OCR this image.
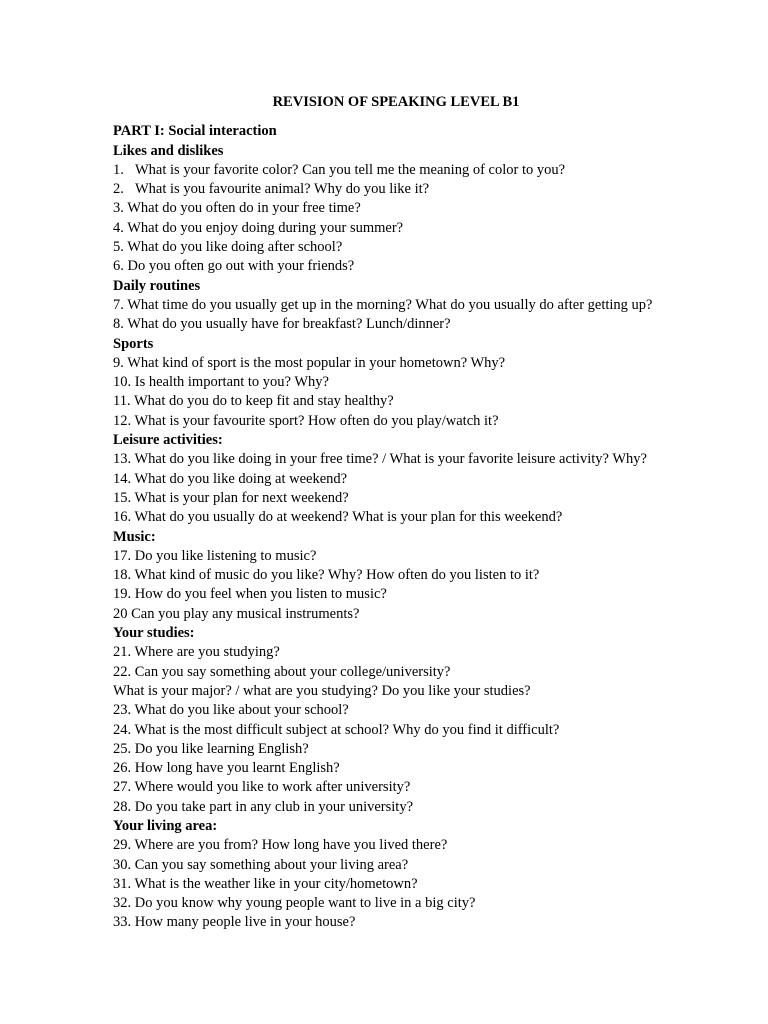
REVISION OF SPEAKING LEVEL B1
PART I: Social interaction
Likes and dislikes
1. What is your favorite color? Can you tell me the meaning of color to you?
2. What is you favourite animal? Why do you like it?
3. What do you often do in your free time?
4. What do you enjoy doing during your summer?
5. What do you like doing after school?
6. Do you often go out with your friends?
Daily routines
7. What time do you usually get up in the morning? What do you usually do after getting up?
8. What do you usually have for breakfast? Lunch/dinner?
Sports
9. What kind of sport is the most popular in your hometown? Why?
10. Is health important to you? Why?
11. What do you do to keep fit and stay healthy?
12. What is your favourite sport? How often do you play/watch it?
Leisure activities:
13. What do you like doing in your free time? / What is your favorite leisure activity? Why?
14. What do you like doing at weekend?
15. What is your plan for next weekend?
16. What do you usually do at weekend? What is your plan for this weekend?
Music:
17. Do you like listening to music?
18. What kind of music do you like? Why? How often do you listen to it?
19. How do you feel when you listen to music?
20 Can you play any musical instruments?
Your studies:
21. Where are you studying?
22. Can you say something about your college/university?
What is your major? / what are you studying? Do you like your studies?
23. What do you like about your school?
24. What is the most difficult subject at school? Why do you find it difficult?
25. Do you like learning English?
26. How long have you learnt English?
27. Where would you like to work after university?
28. Do you take part in any club in your university?
Your living area:
29. Where are you from? How long have you lived there?
30. Can you say something about your living area?
31. What is the weather like in your city/hometown?
32. Do you know why young people want to live in a big city?
33. How many people live in your house?
